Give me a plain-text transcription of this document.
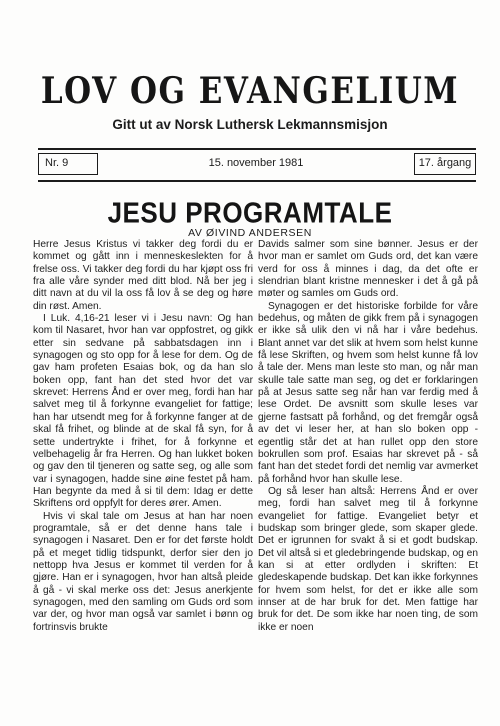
LOV OG EVANGELIUM
Gitt ut av Norsk Luthersk Lekmannsmisjon
Nr. 9	15. november 1981	17. årgang
JESU PROGRAMTALE
AV ØIVIND ANDERSEN

Herre Jesus Kristus vi takker deg fordi du er kommet og gått inn i menneskeslekten for å frelse oss. Vi takker deg fordi du har kjøpt oss fri fra alle våre synder med ditt blod. Nå ber jeg i ditt navn at du vil la oss få lov å se deg og høre din røst. Amen.

I Luk. 4,16-21 leser vi i Jesu navn: Og han kom til Nasaret, hvor han var oppfostret, og gikk etter sin sedvane på sabbatsdagen inn i synagogen og sto opp for å lese for dem. Og de gav ham profeten Esaias bok, og da han slo boken opp, fant han det sted hvor det var skrevet: Herrens Ånd er over meg, fordi han har salvet meg til å forkynne evangeliet for fattige; han har utsendt meg for å forkynne fanger at de skal få frihet, og blinde at de skal få syn, for å sette undertrykte i frihet, for å forkynne et velbehagelig år fra Herren. Og han lukket boken og gav den til tjeneren og satte seg, og alle som var i synagogen, hadde sine øine festet på ham. Han begynte da med å si til dem: Idag er dette Skriftens ord oppfylt for deres ører. Amen.

Hvis vi skal tale om Jesus at han har noen programtale, så er det denne hans tale i synagogen i Nasaret. Den er for det første holdt på et meget tidlig tidspunkt, derfor sier den jo nettopp hva Jesus er kommet til verden for å gjøre. Han er i synagogen, hvor han altså pleide å gå - vi skal merke oss det: Jesus anerkjente synagogen, med den samling om Guds ord som var der, og hvor man også var samlet i bønn og fortrinsvis brukte

Davids salmer som sine bønner. Jesus er der hvor man er samlet om Guds ord, det kan være verd for oss å minnes i dag, da det ofte er slendrian blant kristne mennesker i det å gå på møter og samles om Guds ord.

Synagogen er det historiske forbilde for våre bedehus, og måten de gikk frem på i synagogen er ikke så ulik den vi nå har i våre bedehus. Blant annet var det slik at hvem som helst kunne få lese Skriften, og hvem som helst kunne få lov å tale der. Mens man leste sto man, og når man skulle tale satte man seg, og det er forklaringen på at Jesus satte seg når han var ferdig med å lese Ordet. De avsnitt som skulle leses var gjerne fastsatt på forhånd, og det fremgår også av det vi leser her, at han slo boken opp - egentlig står det at han rullet opp den store bokrullen som prof. Esaias har skrevet på - så fant han det stedet fordi det nemlig var avmerket på forhånd hvor han skulle lese.

Og så leser han altså: Herrens Ånd er over meg, fordi han salvet meg til å forkynne evangeliet for fattige. Evangeliet betyr et budskap som bringer glede, som skaper glede. Det er igrunnen for svakt å si et godt budskap. Det vil altså si et gledebringende budskap, og en kan si at etter ordlyden i skriften: Et gledeskapende budskap. Det kan ikke forkynnes for hvem som helst, for det er ikke alle som innser at de har bruk for det. Men fattige har bruk for det. De som ikke har noen ting, de som ikke er noen
